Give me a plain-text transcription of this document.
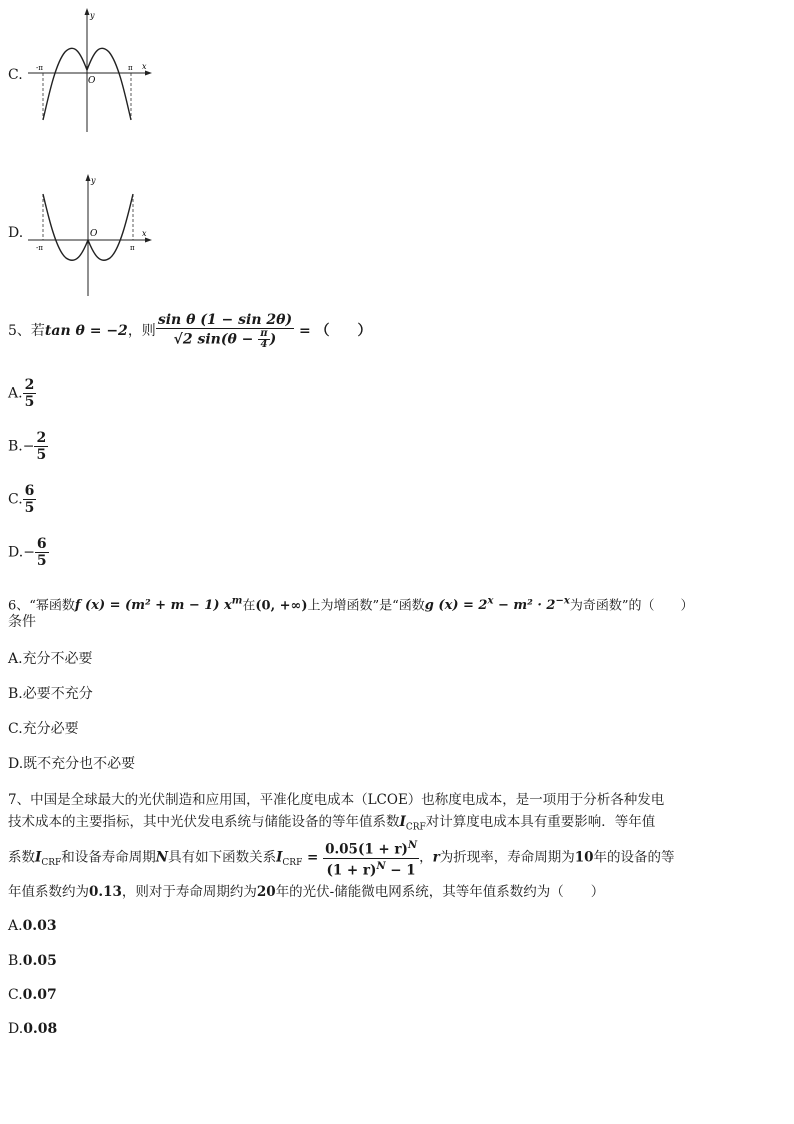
C.
y
x
O
-π	π
D.
y
x
O
-π	π
5、若tan θ = −2，则 $\frac{\text{sin θ (1 − sin 2θ)}}{√2 \sin(\theta - \frac{\pi}{4} )}$ = （　　）
A. $\frac{2}{5}$
$B.- \frac{2}{5}$
C. $\frac{6}{5}$
$D.- \frac{6}{5}$
6、“幂函数f (x) = (m² + m − 1) $x^m$在(0, +∞)上为增函数”是“函数g $(x) = 2^x - m^2 \cdot 2^{-x}$为奇函数”的（　　）
条件
A.充分不必要
B.必要不充分
C.充分必要
D.既不充分也不必要
7、中国是全球最大的光伏制造和应用国，平准化度电成本（LCOE）也称度电成本，是一项用于分析各种发电
技术成本的主要指标，其中光伏发电系统与储能设备的等年值系数$I_{CRF}$对计算度电成本具有重要影响．等年值
系数$I_{CRF}$和设备寿命周期N具有如下函数关系$I_{CRF} = \frac{0.05(1 + r)^N}{(1 + r)^N - 1}$ ，r为折现率，寿命周期为10年的设备的等
年值系数约为0.13，则对于寿命周期约为20年的光伏-储能微电网系统，其等年值系数约为（　　）
A.0.03
B.0.05
C.0.07
D.0.08
